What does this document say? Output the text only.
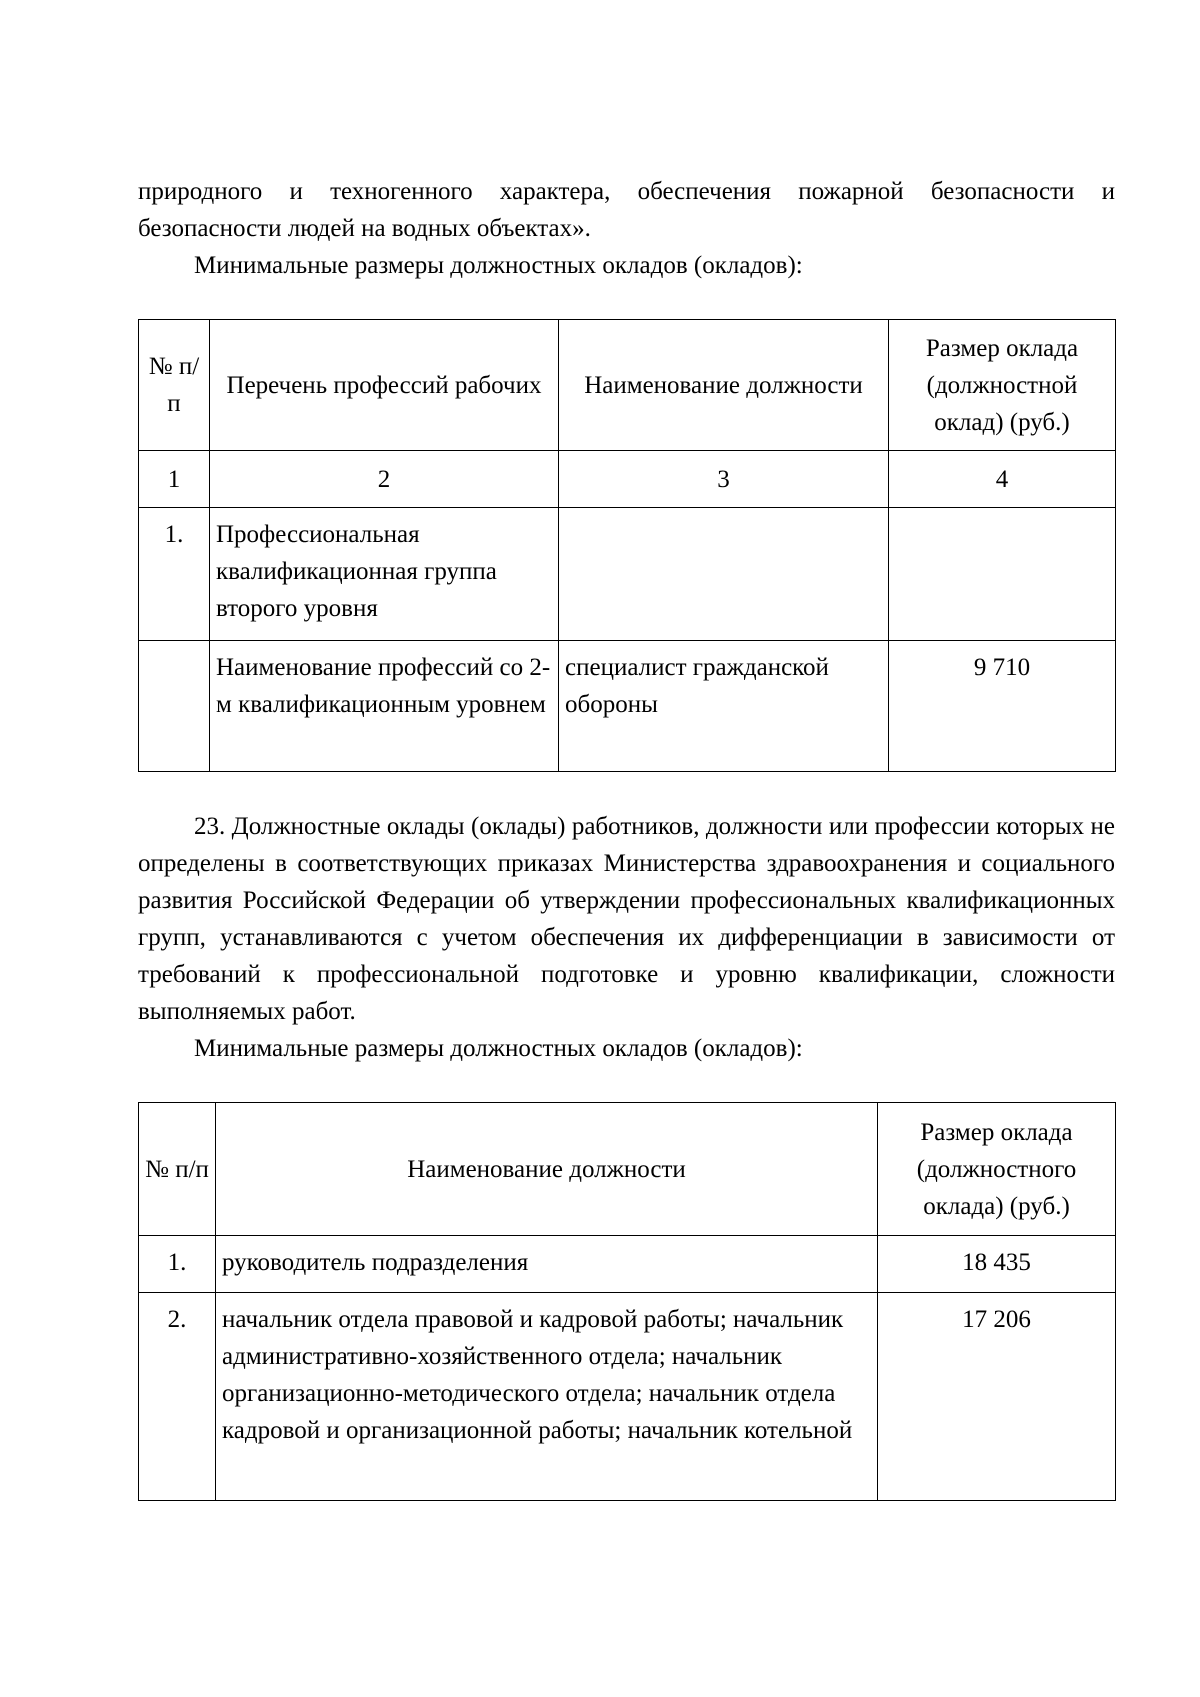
природного и техногенного характера, обеспечения пожарной безопасности и безопасности людей на водных объектах».

Минимальные размеры должностных окладов (окладов):

№ п/п	Перечень профессий рабочих	Наименование должности	Размер оклада (должностной оклад) (руб.)
1	2	3	4
1.	Профессиональная квалификационная группа второго уровня		
	Наименование профессий со 2-м квалификационным уровнем	специалист гражданской обороны	9 710

23. Должностные оклады (оклады) работников, должности или профессии которых не определены в соответствующих приказах Министерства здравоохранения и социального развития Российской Федерации об утверждении профессиональных квалификационных групп, устанавливаются с учетом обеспечения их дифференциации в зависимости от требований к профессиональной подготовке и уровню квалификации, сложности выполняемых работ.

Минимальные размеры должностных окладов (окладов):

№ п/п	Наименование должности	Размер оклада (должностного оклада) (руб.)
1.	руководитель подразделения	18 435
2.	начальник отдела правовой и кадровой работы; начальник административно-хозяйственного отдела; начальник организационно-методического отдела; начальник отдела кадровой и организационной работы; начальник котельной	17 206
